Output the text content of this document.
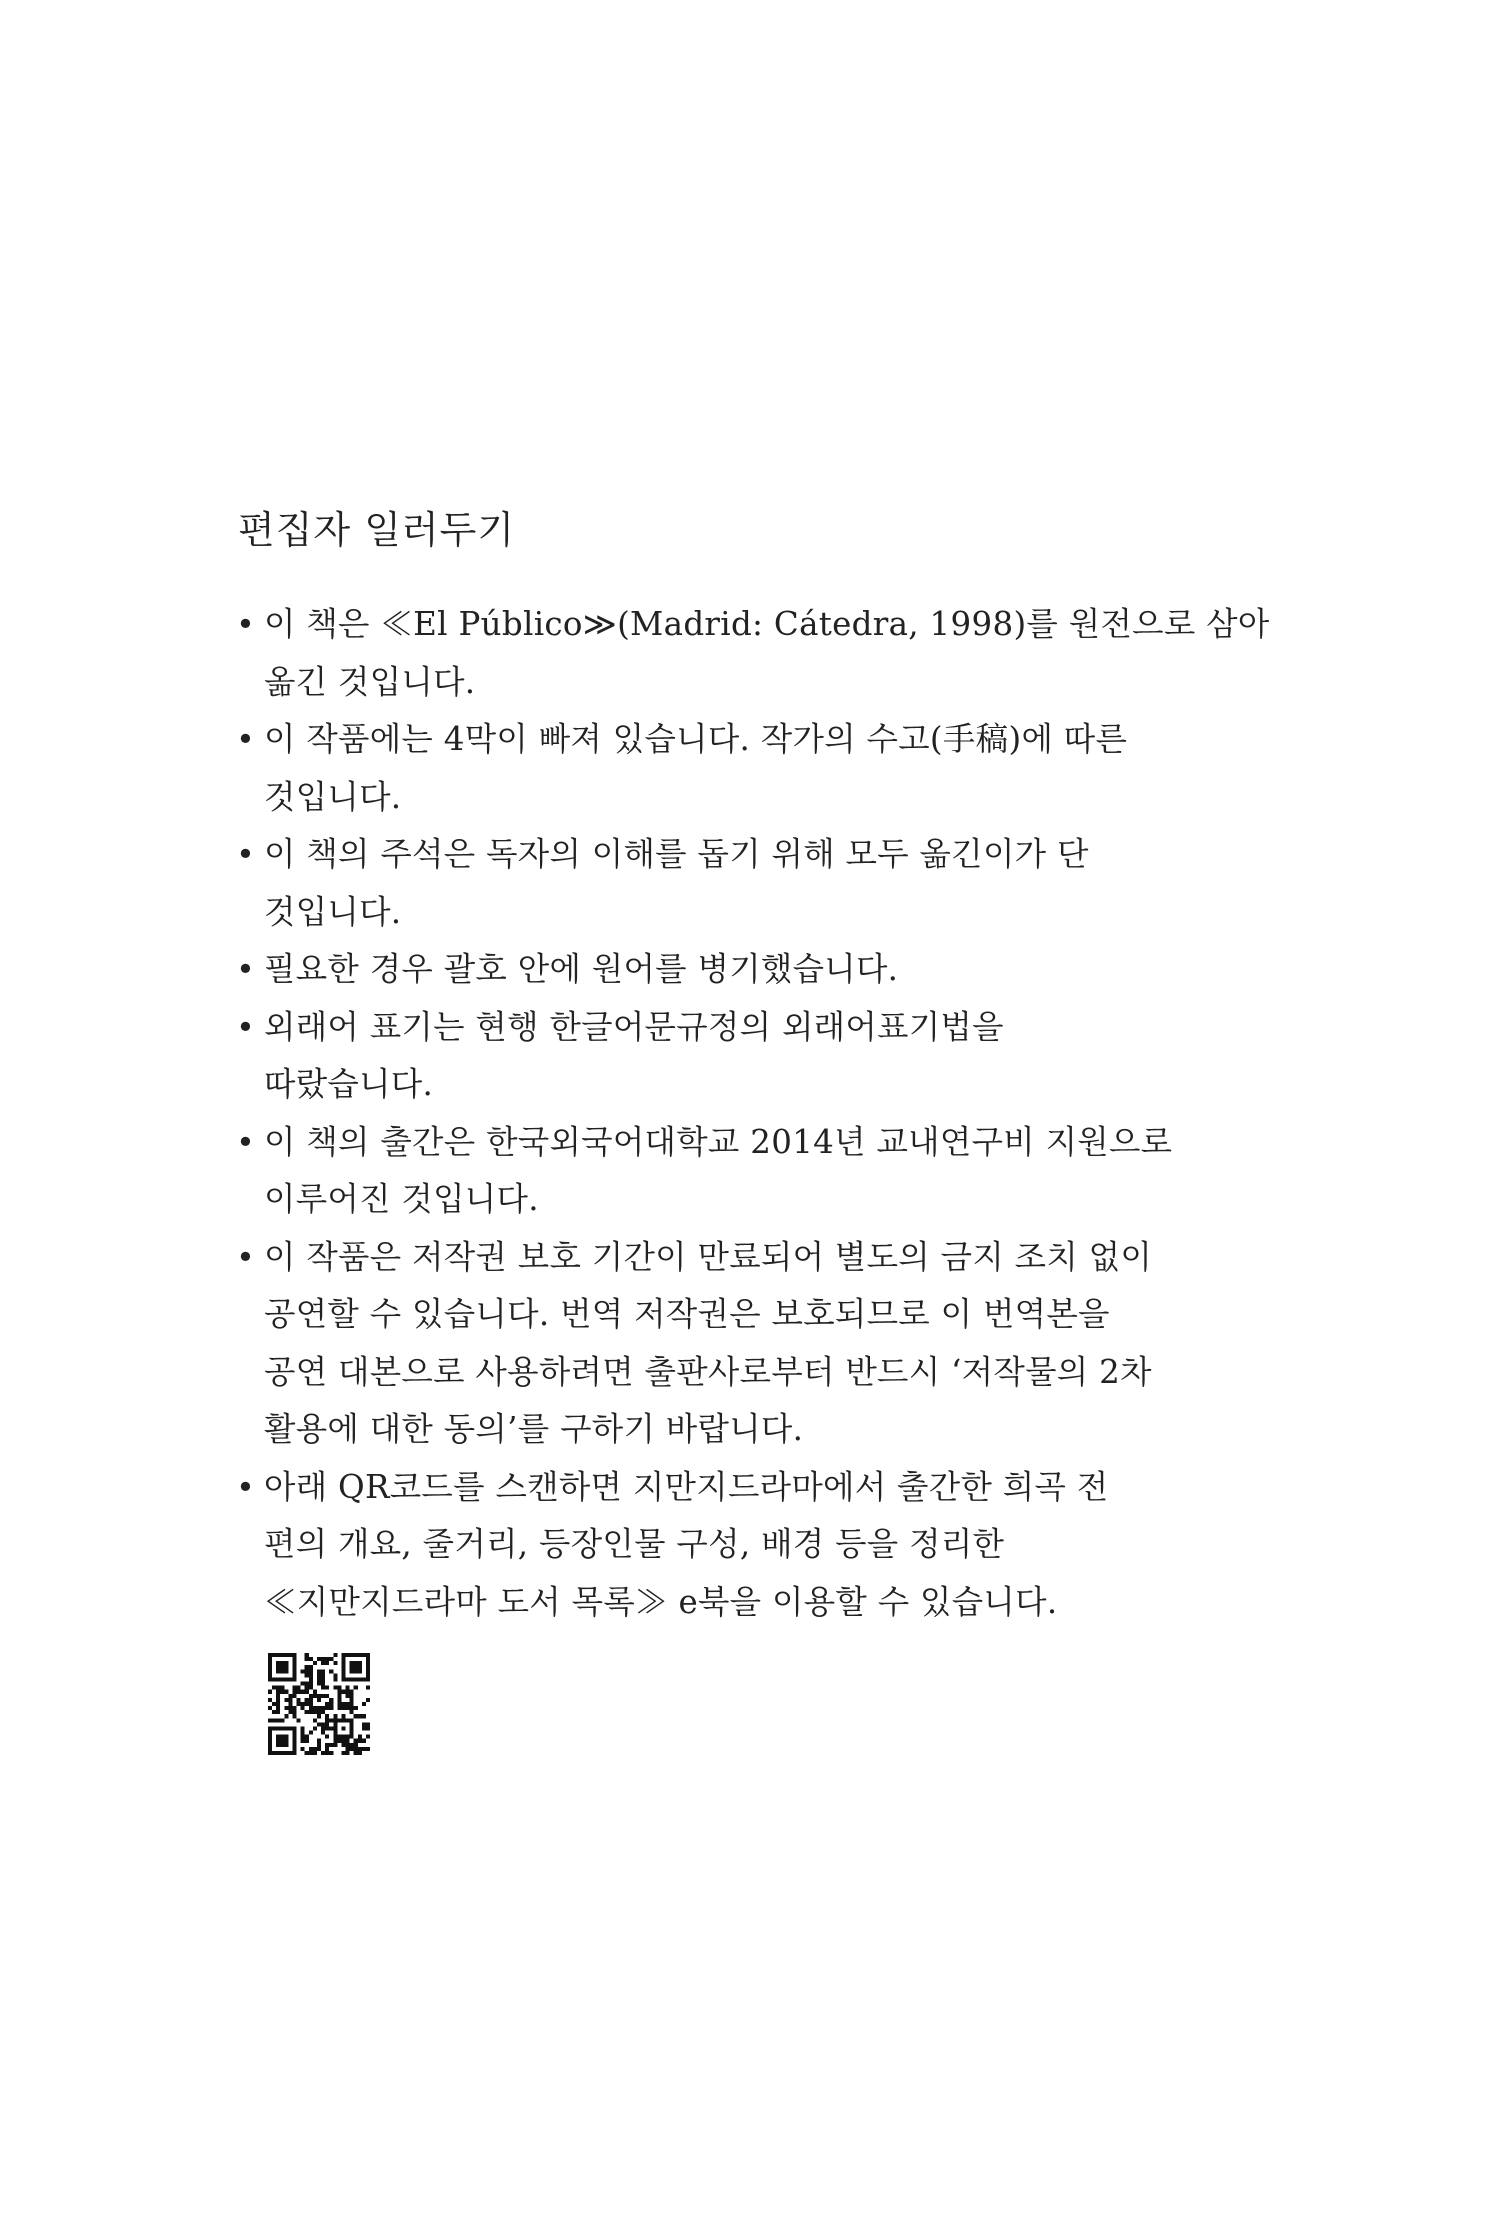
편집자 일러두기
• 이 책은 ≪El Público≫(Madrid: Cátedra, 1998)를 원전으로 삼아
옮긴 것입니다.
• 이 작품에는 4막이 빠져 있습니다. 작가의 수고(手稿)에 따른
것입니다.
• 이 책의 주석은 독자의 이해를 돕기 위해 모두 옮긴이가 단
것입니다.
• 필요한 경우 괄호 안에 원어를 병기했습니다.
• 외래어 표기는 현행 한글어문규정의 외래어표기법을
따랐습니다.
• 이 책의 출간은 한국외국어대학교 2014년 교내연구비 지원으로
이루어진 것입니다.
• 이 작품은 저작권 보호 기간이 만료되어 별도의 금지 조치 없이
공연할 수 있습니다. 번역 저작권은 보호되므로 이 번역본을
공연 대본으로 사용하려면 출판사로부터 반드시 ‘저작물의 2차
활용에 대한 동의’를 구하기 바랍니다.
• 아래 QR코드를 스캔하면 지만지드라마에서 출간한 희곡 전
편의 개요, 줄거리, 등장인물 구성, 배경 등을 정리한
≪지만지드라마 도서 목록≫ e북을 이용할 수 있습니다.
